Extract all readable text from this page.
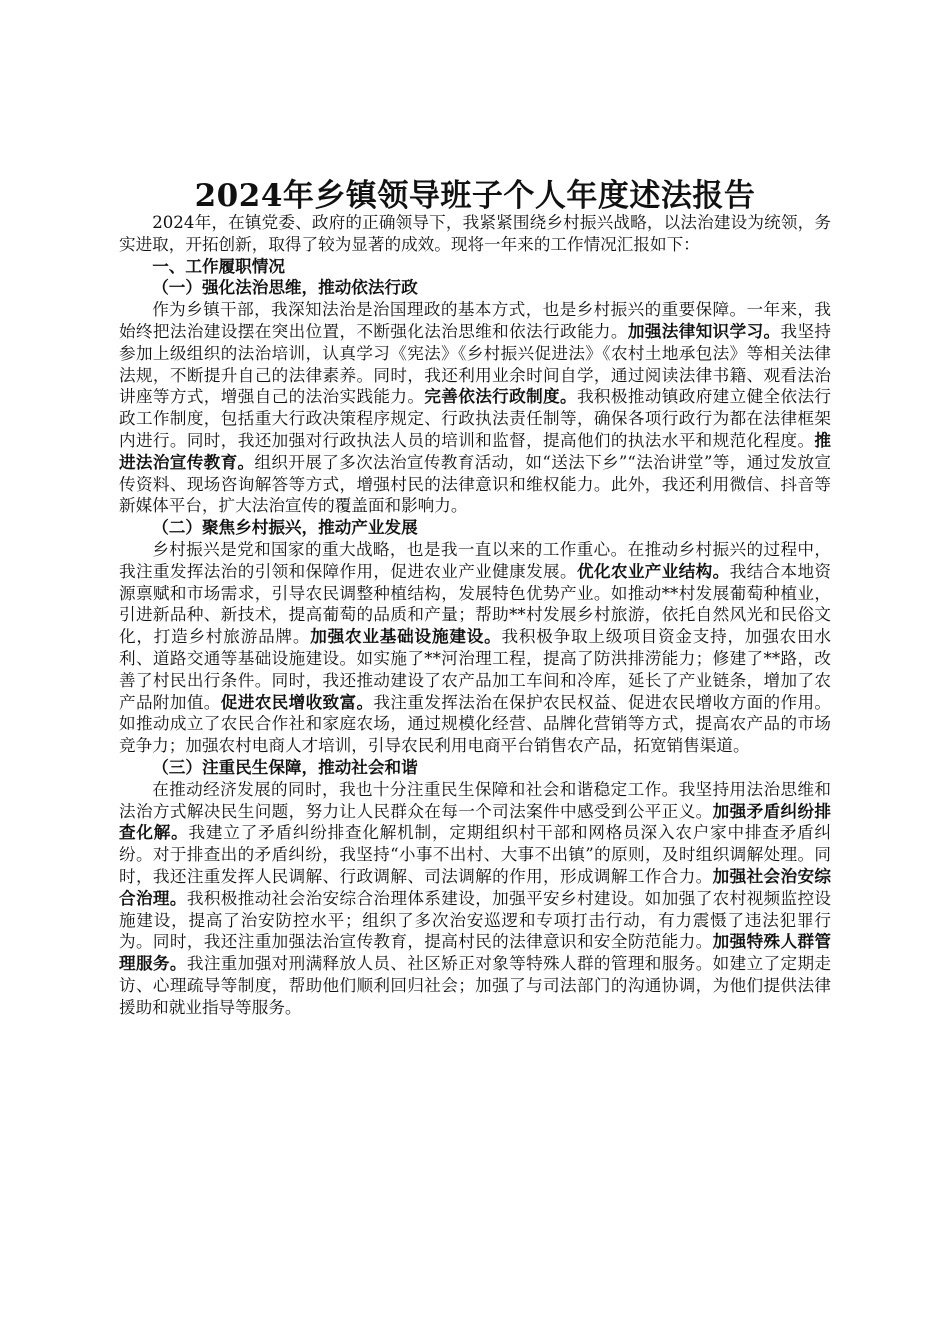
2024年乡镇领导班子个人年度述法报告

2024年，在镇党委、政府的正确领导下，我紧紧围绕乡村振兴战略，以法治建设为统领，务实进取，开拓创新，取得了较为显著的成效。现将一年来的工作情况汇报如下：

一、工作履职情况

（一）强化法治思维，推动依法行政

作为乡镇干部，我深知法治是治国理政的基本方式，也是乡村振兴的重要保障。一年来，我始终把法治建设摆在突出位置，不断强化法治思维和依法行政能力。加强法律知识学习。我坚持参加上级组织的法治培训，认真学习《宪法》《乡村振兴促进法》《农村土地承包法》等相关法律法规，不断提升自己的法律素养。同时，我还利用业余时间自学，通过阅读法律书籍、观看法治讲座等方式，增强自己的法治实践能力。完善依法行政制度。我积极推动镇政府建立健全依法行政工作制度，包括重大行政决策程序规定、行政执法责任制等，确保各项行政行为都在法律框架内进行。同时，我还加强对行政执法人员的培训和监督，提高他们的执法水平和规范化程度。推进法治宣传教育。组织开展了多次法治宣传教育活动，如“送法下乡”“法治讲堂”等，通过发放宣传资料、现场咨询解答等方式，增强村民的法律意识和维权能力。此外，我还利用微信、抖音等新媒体平台，扩大法治宣传的覆盖面和影响力。

（二）聚焦乡村振兴，推动产业发展

乡村振兴是党和国家的重大战略，也是我一直以来的工作重心。在推动乡村振兴的过程中，我注重发挥法治的引领和保障作用，促进农业产业健康发展。优化农业产业结构。我结合本地资源禀赋和市场需求，引导农民调整种植结构，发展特色优势产业。如推动**村发展葡萄种植业，引进新品种、新技术，提高葡萄的品质和产量；帮助**村发展乡村旅游，依托自然风光和民俗文化，打造乡村旅游品牌。加强农业基础设施建设。我积极争取上级项目资金支持，加强农田水利、道路交通等基础设施建设。如实施了**河治理工程，提高了防洪排涝能力；修建了**路，改善了村民出行条件。同时，我还推动建设了农产品加工车间和冷库，延长了产业链条，增加了农产品附加值。促进农民增收致富。我注重发挥法治在保护农民权益、促进农民增收方面的作用。如推动成立了农民合作社和家庭农场，通过规模化经营、品牌化营销等方式，提高农产品的市场竞争力；加强农村电商人才培训，引导农民利用电商平台销售农产品，拓宽销售渠道。

（三）注重民生保障，推动社会和谐

在推动经济发展的同时，我也十分注重民生保障和社会和谐稳定工作。我坚持用法治思维和法治方式解决民生问题，努力让人民群众在每一个司法案件中感受到公平正义。加强矛盾纠纷排查化解。我建立了矛盾纠纷排查化解机制，定期组织村干部和网格员深入农户家中排查矛盾纠纷。对于排查出的矛盾纠纷，我坚持“小事不出村、大事不出镇”的原则，及时组织调解处理。同时，我还注重发挥人民调解、行政调解、司法调解的作用，形成调解工作合力。加强社会治安综合治理。我积极推动社会治安综合治理体系建设，加强平安乡村建设。如加强了农村视频监控设施建设，提高了治安防控水平；组织了多次治安巡逻和专项打击行动，有力震慑了违法犯罪行为。同时，我还注重加强法治宣传教育，提高村民的法律意识和安全防范能力。加强特殊人群管理服务。我注重加强对刑满释放人员、社区矫正对象等特殊人群的管理和服务。如建立了定期走访、心理疏导等制度，帮助他们顺利回归社会；加强了与司法部门的沟通协调，为他们提供法律援助和就业指导等服务。
